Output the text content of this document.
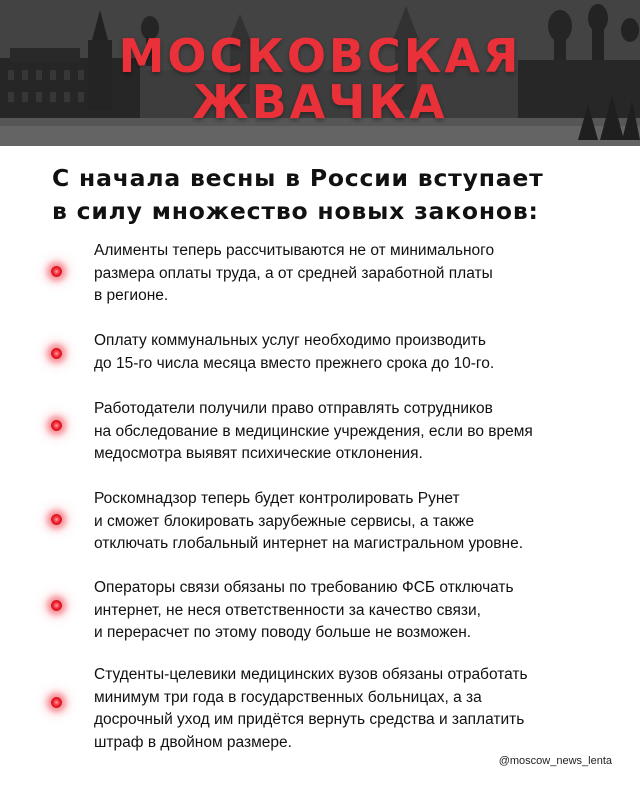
МОСКОВСКАЯ
ЖВАЧКА
С начала весны в России вступает
в силу множество новых законов:
Алименты теперь рассчитываются не от минимального
размера оплаты труда, а от средней заработной платы
в регионе.
Оплату коммунальных услуг необходимо производить
до 15-го числа месяца вместо прежнего срока до 10-го.
Работодатели получили право отправлять сотрудников
на обследование в медицинские учреждения, если во время
медосмотра выявят психические отклонения.
Роскомнадзор теперь будет контролировать Рунет
и сможет блокировать зарубежные сервисы, а также
отключать глобальный интернет на магистральном уровне.
Операторы связи обязаны по требованию ФСБ отключать
интернет, не неся ответственности за качество связи,
и перерасчет по этому поводу больше не возможен.
Студенты-целевики медицинских вузов обязаны отработать
минимум три года в государственных больницах, а за
досрочный уход им придётся вернуть средства и заплатить
штраф в двойном размере.
@moscow_news_lenta
